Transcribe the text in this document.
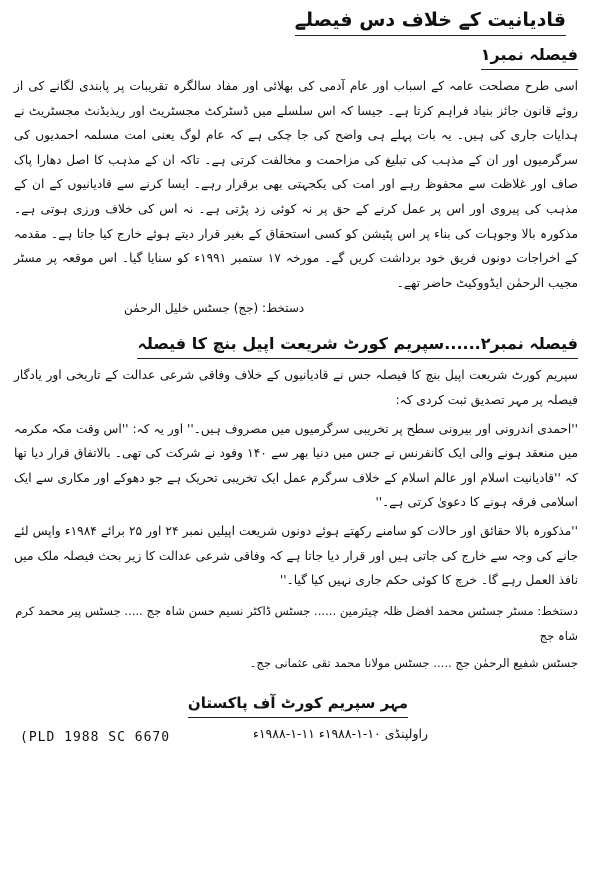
قادیانیت کے خلاف دس فیصلے
فیصلہ نمبر۱

اسی طرح مصلحت عامہ کے اسباب اور عام آدمی کی بھلائی اور مفاد سالگرہ تقریبات پر پابندی لگانے کی از روئے قانون جائز بنیاد فراہم کرتا ہے۔ جیسا کہ اس سلسلے میں ڈسٹرکٹ مجسٹریٹ اور ریذیڈنٹ مجسٹریٹ نے ہدایات جاری کی ہیں۔ یہ بات پہلے ہی واضح کی جا چکی ہے کہ عام لوگ یعنی امت مسلمہ احمدیوں کی سرگرمیوں اور ان کے مذہب کی تبلیغ کی مزاحمت و مخالفت کرتی ہے۔ تاکہ ان کے مذہب کا اصل دھارا پاک صاف اور غلاظت سے محفوظ رہے اور امت کی یکجہتی بھی برقرار رہے۔ ایسا کرنے سے قادیانیوں کے ان کے مذہب کی پیروی اور اس پر عمل کرنے کے حق پر نہ کوئی زد پڑتی ہے۔ نہ اس کی خلاف ورزی ہوتی ہے۔ مذکورہ بالا وجوہات کی بناء پر اس پٹیشن کو کسی استحقاق کے بغیر قرار دیتے ہوئے خارج کیا جاتا ہے۔ مقدمہ کے اخراجات دونوں فریق خود برداشت کریں گے۔ مورخہ ۱۷ ستمبر ۱۹۹۱ء کو سنایا گیا۔ اس موقعہ پر مسٹر مجیب الرحمٰن ایڈووکیٹ حاضر تھے۔

دستخط: (جج) جسٹس خلیل الرحمٰن
فیصلہ نمبر۲......سپریم کورٹ شریعت اپیل بنچ کا فیصلہ

سپریم کورٹ شریعت اپیل بنچ کا فیصلہ جس نے قادیانیوں کے خلاف وفاقی شرعی عدالت کے تاریخی اور یادگار فیصلہ پر مہر تصدیق ثبت کردی کہ:

''احمدی اندرونی اور بیرونی سطح پر تخریبی سرگرمیوں میں مصروف ہیں۔'' اور یہ کہ: ''اس وقت مکہ مکرمہ میں منعقد ہونے والی ایک کانفرنس نے جس میں دنیا بھر سے ۱۴۰ وفود نے شرکت کی تھی۔ بالاتفاق قرار دیا تھا کہ ''قادیانیت اسلام اور عالم اسلام کے خلاف سرگرم عمل ایک تخریبی تحریک ہے جو دھوکے اور مکاری سے ایک اسلامی فرقہ ہونے کا دعویٰ کرتی ہے۔''

''مذکورہ بالا حقائق اور حالات کو سامنے رکھتے ہوئے دونوں شریعت اپیلیں نمبر ۲۴ اور ۲۵ برائے ۱۹۸۴ء واپس لئے جانے کی وجہ سے خارج کی جاتی ہیں اور قرار دیا جاتا ہے کہ وفاقی شرعی عدالت کا زیر بحث فیصلہ ملک میں نافذ العمل رہے گا۔ خرچ کا کوئی حکم جاری نہیں کیا گیا۔''

دستخط: مسٹر جسٹس محمد افضل ظلہ چیئرمین ...... جسٹس ڈاکٹر نسیم حسن شاہ جج ..... جسٹس پیر محمد کرم شاہ جج

جسٹس شفیع الرحمٰن جج ..... جسٹس مولانا محمد تقی عثمانی جج۔

مہر سپریم کورٹ آف پاکستان
(PLD 1988 SC 6670	راولپنڈی ۱۰-۱-۱۹۸۸ء ۱۱-۱-۱۹۸۸ء
